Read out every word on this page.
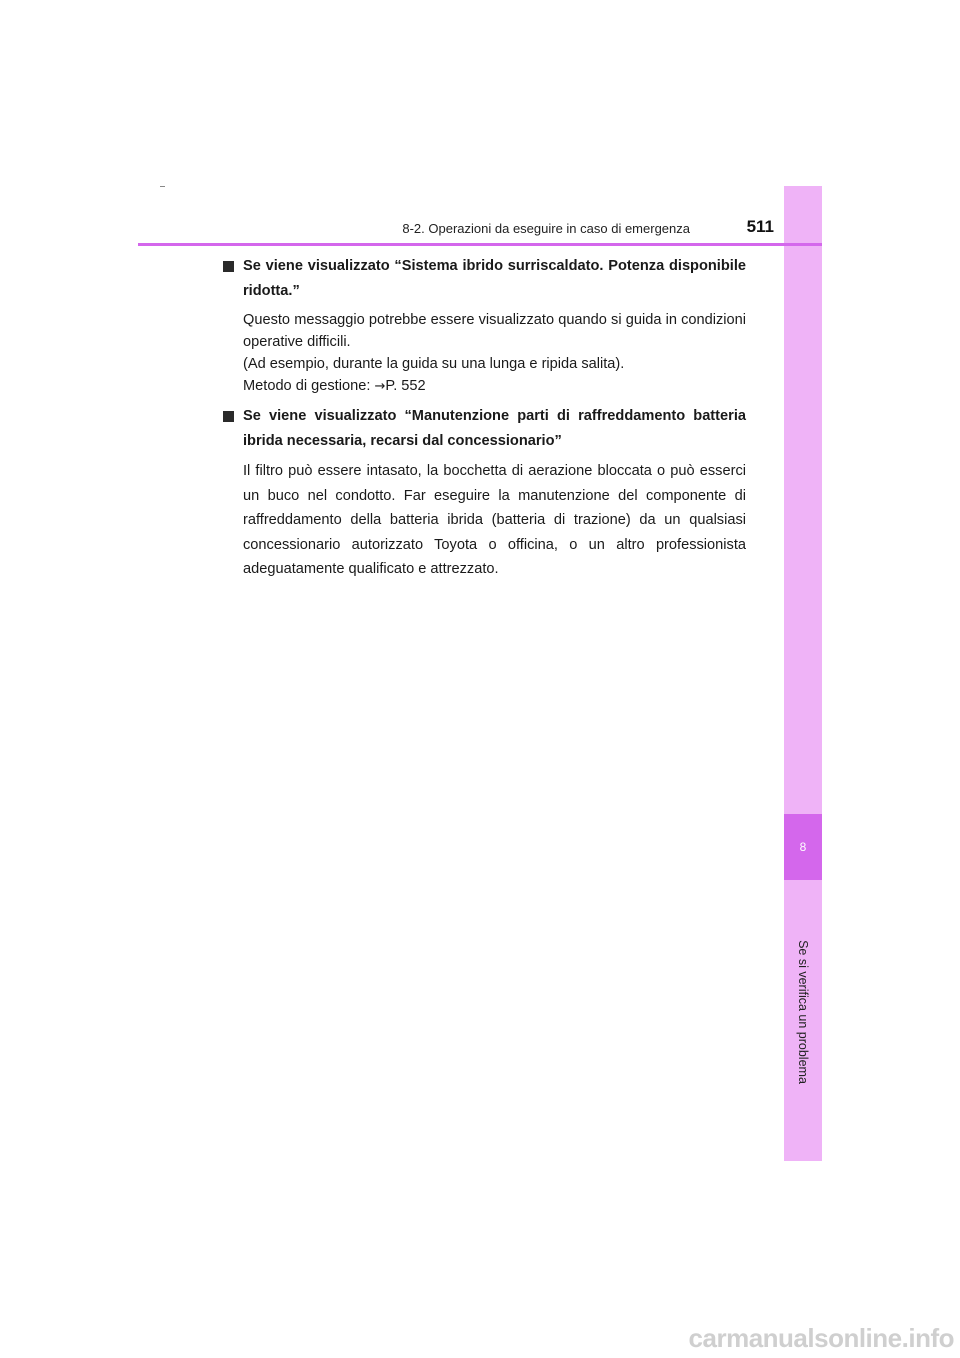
8
Se si verifica un problema
8-2. Operazioni da eseguire in caso di emergenza	511

Se viene visualizzato “Sistema ibrido surriscaldato. Potenza disponibile ridotta.”

Questo messaggio potrebbe essere visualizzato quando si guida in condizioni operative difficili.
(Ad esempio, durante la guida su una lunga e ripida salita).
Metodo di gestione: →P. 552

Se viene visualizzato “Manutenzione parti di raffreddamento batteria ibrida necessaria, recarsi dal concessionario”

Il filtro può essere intasato, la bocchetta di aerazione bloccata o può esserci un buco nel condotto. Far eseguire la manutenzione del componente di raffreddamento della batteria ibrida (batteria di trazione) da un qualsiasi concessionario autorizzato Toyota o officina, o un altro professionista adeguatamente qualificato e attrezzato.

carmanualsonline.info
